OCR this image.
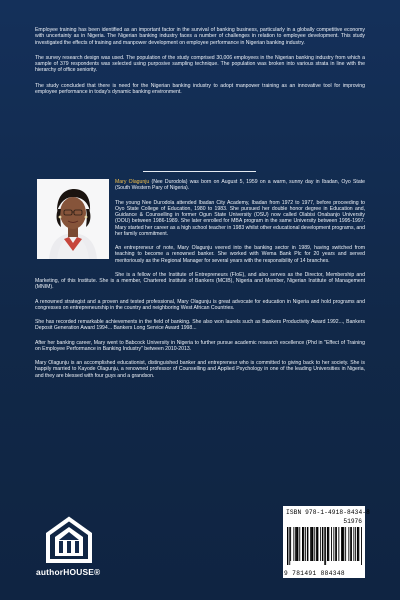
Employee training has been identified as an important factor in the survival of banking business, particularly in a globally competitive economy with uncertainty as in Nigeria. The Nigerian banking industry faces a number of challenges in relation to employee development. This study investigated the effects of training and manpower development on employee performance in Nigerian banking industry.

The survey research design was used. The population of the study comprised 30,006 employees in the Nigerian banking industry from which a sample of 379 respondents was selected using purposive sampling technique. The population was broken into various strata in line with the hierarchy of office seniority.

The study concluded that there is need for the Nigerian banking industry to adopt manpower training as an innovative tool for improving employee performance in today's dynamic banking environment.

Mary Olagunju (Nee Durodola) was born on August 5, 1959 on a warm, sunny day in Ibadan, Oyo State (South Western Pary of Nigeria).

The young Nee Durodola attended Ibadan City Academy, Ibadan from 1972 to 1977, before proceeding to Oyo State College of Education, 1980 to 1983. She pursued her double honor degree in Education and, Guidance & Counselling in former Ogun State University (OSU) now called Olabisi Onabanjo University (OOU) between 1986-1989. She later enrolled for MBA program in the same University between 1995-1997. Mary started her career as a high school teacher in 1983 whilst other educational development programs, and her family commitment.

An entrepreneur of note, Mary Olagunju veered into the banking sector in 1989, having switched from teaching to become a renowned banker. She worked with Wema Bank Plc for 20 years and served meritoriously as the Regional Manager for several years with the responsibility of 14 branches.

She is a fellow of the Institute of Entrepreneurs (FIoE), and also serves as the Director, Membership and Marketing, of this Institute. She is a member, Chartered Institute of Bankers (MCIB), Nigeria and Member, Nigerian Institute of Management (MNIM).

A renowned strategist and a proven and tested professional, Mary Olagunju is great advocate for education in Nigeria and hold programs and congresses on entrepreneurship in the country and neighboring West African Countries.

She has recorded remarkable achievements in the field of banking. She also won laurels such as Bankers Productivity Award 1992..., Bankers Deposit Generation Award 1994... Bankers Long Service Award 1998...

After her banking career, Mary went to Babcock University in Nigeria to further pursue academic research excellence (Phd in "Effect of Training on Employee Performance in Banking Industry" between 2010-2013.

Mary Olagunju is an accomplished educationist, distinguished banker and entrepreneur who is committed to giving back to her society. She is happily married to Kayode Olagunju, a renowned professor of Counselling and Applied Psychology in one of the leading Universities in Nigeria, and they are blessed with four guys and a grandson.

authorHOUSE®
ISBN 978-1-4918-8434-8
51976
9 781491 884348
